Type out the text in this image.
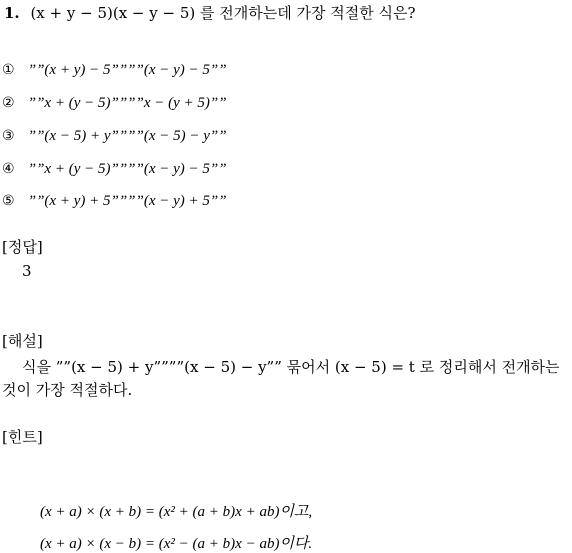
1. (x + y − 5)(x − y − 5) 를 전개하는데 가장 적절한 식은?
① ””(x + y) − 5””””(x − y) − 5””
② ””x + (y − 5)””””x − (y + 5)””
③ ””(x − 5) + y””””(x − 5) − y””
④ ””x + (y − 5)””””(x − y) − 5””
⑤ ””(x + y) + 5””””(x − y) + 5””
[정답]
3
[해설]
식을 ””(x − 5) + y””””(x − 5) − y”” 묶어서 (x − 5) = t 로 정리해서 전개하는
것이 가장 적절하다.
[힌트]
(x + a) × (x + b) = (x² + (a + b)x + ab)이고,
(x + a) × (x − b) = (x² − (a + b)x − ab)이다.
